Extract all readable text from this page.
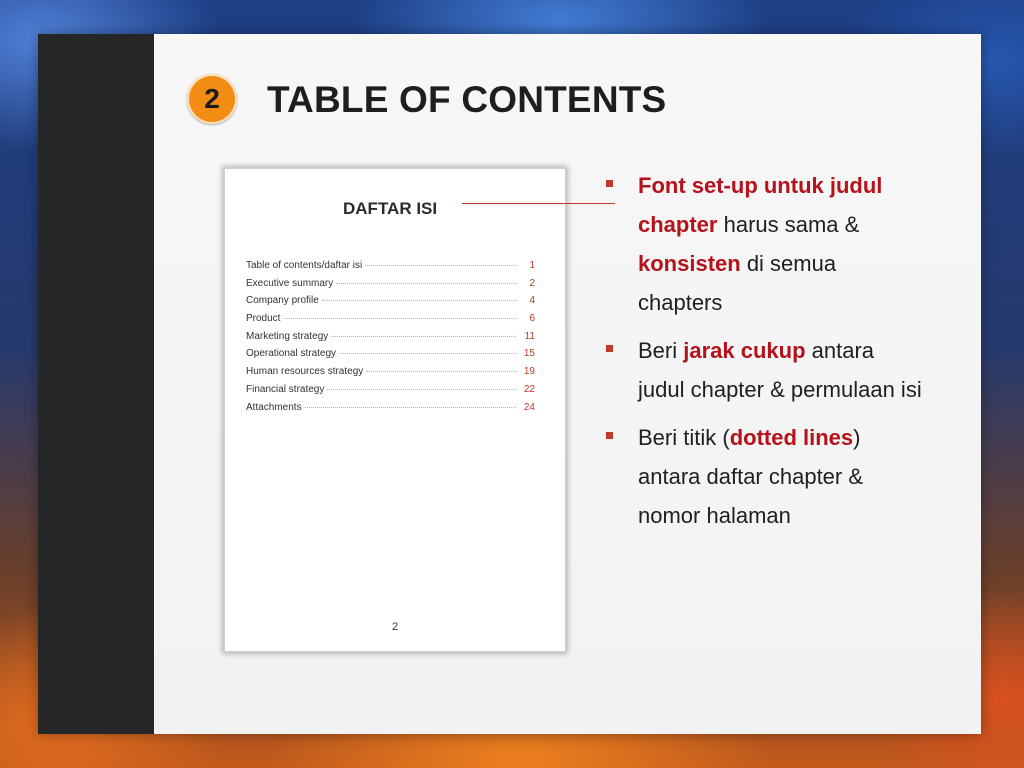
2	TABLE OF CONTENTS
DAFTAR ISI
Table of contents/daftar isi	1
Executive summary	2
Company profile	4
Product	6
Marketing strategy	11
Operational strategy	15
Human resources strategy	19
Financial strategy	22
Attachments	24
2
Font set-up untuk judul chapter harus sama & konsisten di semua chapters
Beri jarak cukup antara judul chapter & permulaan isi
Beri titik (dotted lines) antara daftar chapter & nomor halaman
